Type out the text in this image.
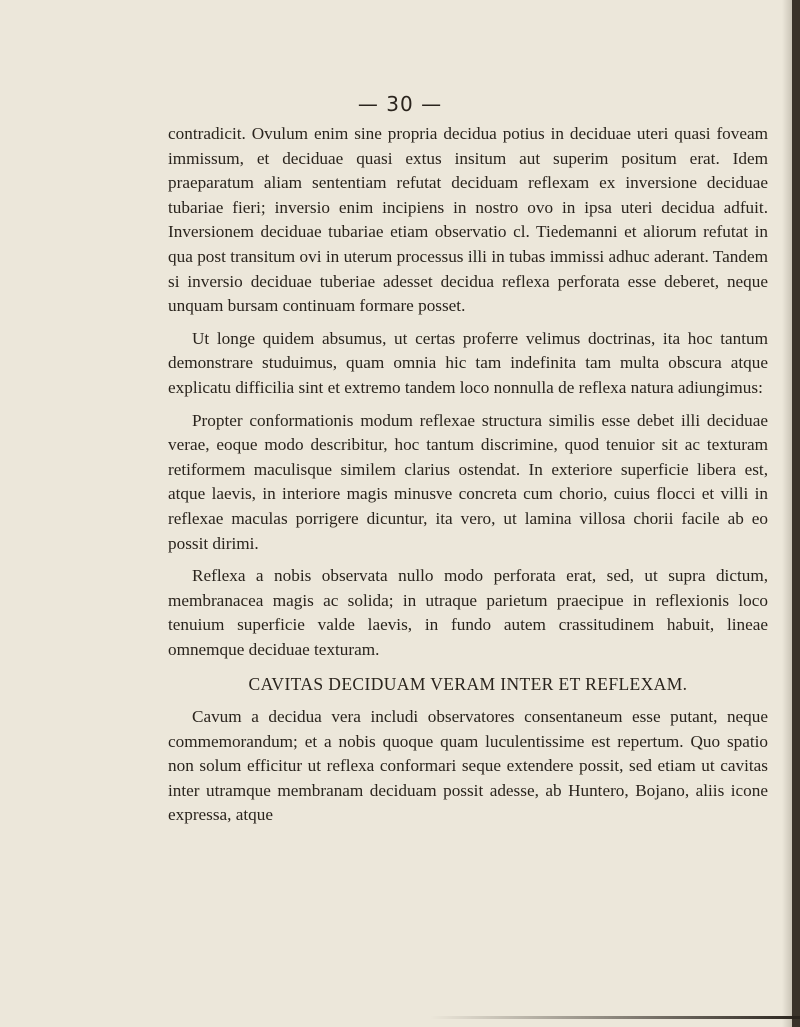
— 30 —

contradicit. Ovulum enim sine propria decidua potius in deciduae uteri quasi foveam immissum, et deciduae quasi extus insitum aut superim positum erat. Idem praeparatum aliam sententiam refutat deciduam reflexam ex inversione deciduae tubariae fieri; inversio enim incipiens in nostro ovo in ipsa uteri decidua adfuit. Inversionem deciduae tubariae etiam observatio cl. Tiedemanni et aliorum refutat in qua post transitum ovi in uterum processus illi in tubas immissi adhuc aderant. Tandem si inversio deciduae tuberiae adesset decidua reflexa perforata esse deberet, neque unquam bursam continuam formare posset.

Ut longe quidem absumus, ut certas proferre velimus doctrinas, ita hoc tantum demonstrare studuimus, quam omnia hic tam indefinita tam multa obscura atque explicatu difficilia sint et extremo tandem loco nonnulla de reflexa natura adiungimus:

Propter conformationis modum reflexae structura similis esse debet illi deciduae verae, eoque modo describitur, hoc tantum discrimine, quod tenuior sit ac texturam retiformem maculisque similem clarius ostendat. In exteriore superficie libera est, atque laevis, in interiore magis minusve concreta cum chorio, cuius flocci et villi in reflexae maculas porrigere dicuntur, ita vero, ut lamina villosa chorii facile ab eo possit dirimi.

Reflexa a nobis observata nullo modo perforata erat, sed, ut supra dictum, membranacea magis ac solida; in utraque parietum praecipue in reflexionis loco tenuium superficie valde laevis, in fundo autem crassitudinem habuit, lineae omnemque deciduae texturam.

CAVITAS DECIDUAM VERAM INTER ET REFLEXAM.

Cavum a decidua vera includi observatores consentaneum esse putant, neque commemorandum; et a nobis quoque quam luculentissime est repertum. Quo spatio non solum efficitur ut reflexa conformari seque extendere possit, sed etiam ut cavitas inter utramque membranam deciduam possit adesse, ab Huntero, Bojano, aliis icone expressa, atque
